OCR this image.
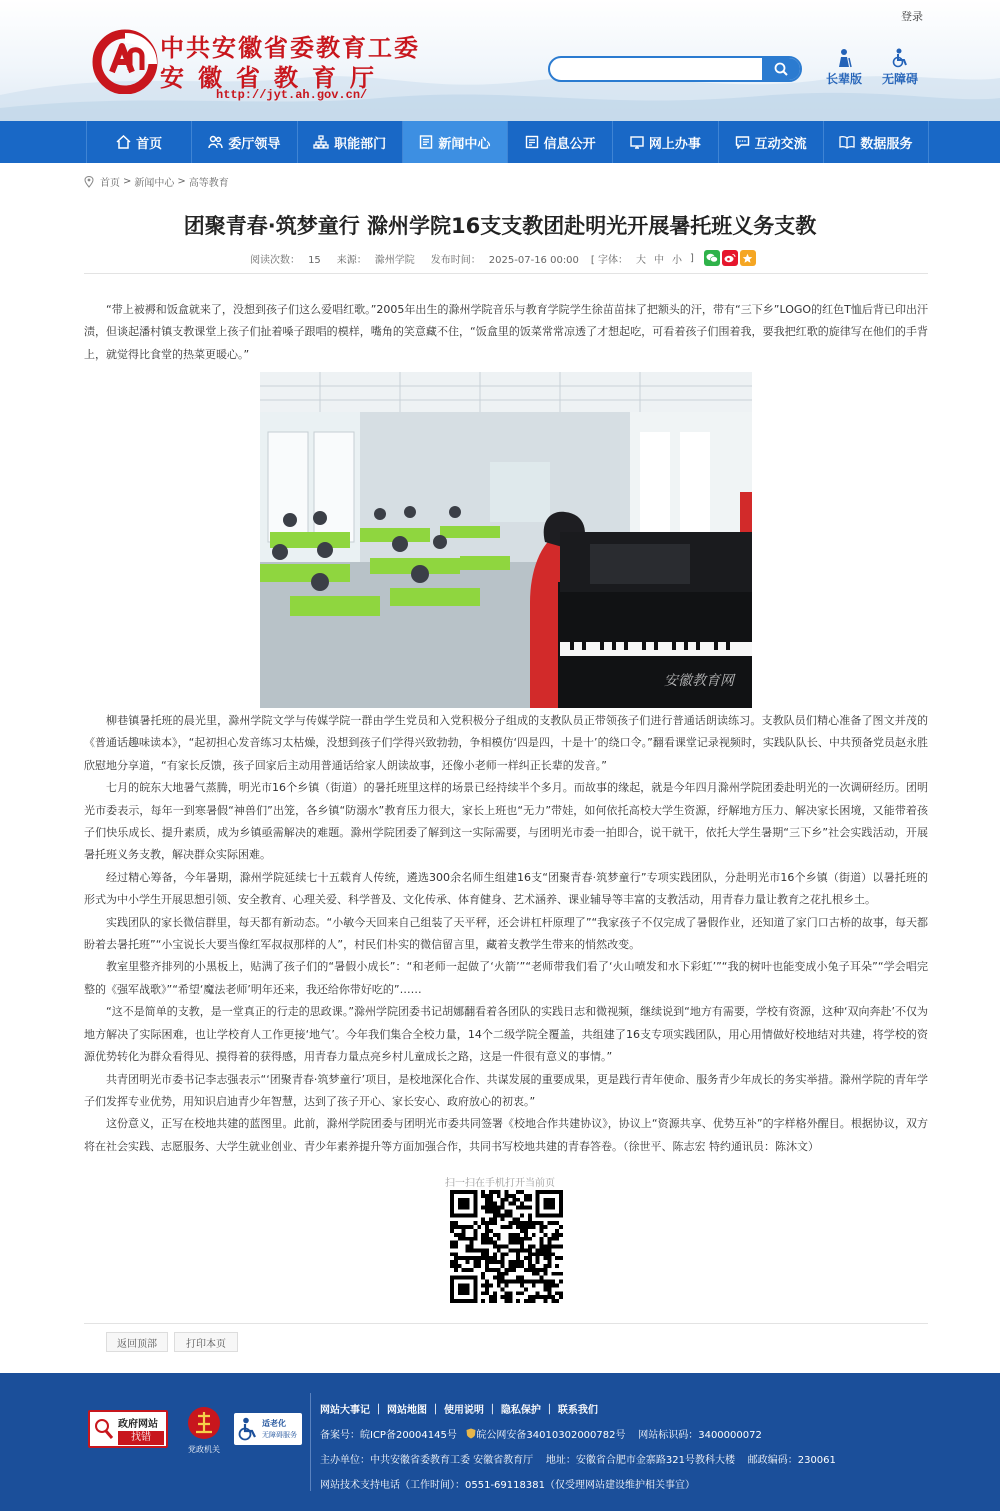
登录
中共安徽省委教育工委
安徽省教育厅
http://jyt.ah.gov.cn/
长辈版 无障碍
首页	委厅领导	职能部门	新闻中心	信息公开	网上办事	互动交流	数据服务
首页 > 新闻中心 > 高等教育
团聚青春·筑梦童行 滁州学院16支支教团赴明光开展暑托班义务支教
阅读次数： 15	来源： 滁州学院	发布时间： 2025-07-16 00:00	[ 字体： 大 中 小 ]

“带上被褥和饭盒就来了，没想到孩子们这么爱唱红歌。”2005年出生的滁州学院音乐与教育学院学生徐苗苗抹了把额头的汗，带有“三下乡”LOGO的红色T恤后背已印出汗渍，但谈起潘村镇支教课堂上孩子们扯着嗓子跟唱的模样，嘴角的笑意藏不住，“饭盒里的饭菜常常凉透了才想起吃，可看着孩子们围着我，要我把红歌的旋律写在他们的手背上，就觉得比食堂的热菜更暖心。”

安徽教育网

柳巷镇暑托班的晨光里，滁州学院文学与传媒学院一群由学生党员和入党积极分子组成的支教队员正带领孩子们进行普通话朗读练习。支教队员们精心准备了图文并茂的《普通话趣味读本》，“起初担心发音练习太枯燥，没想到孩子们学得兴致勃勃，争相模仿‘四是四，十是十’的绕口令。”翻看课堂记录视频时，实践队队长、中共预备党员赵永胜欣慰地分享道，“有家长反馈，孩子回家后主动用普通话给家人朗读故事，还像小老师一样纠正长辈的发音。”

七月的皖东大地暑气蒸腾，明光市16个乡镇（街道）的暑托班里这样的场景已经持续半个多月。而故事的缘起，就是今年四月滁州学院团委赴明光的一次调研经历。团明光市委表示，每年一到寒暑假“神兽们”出笼，各乡镇“防溺水”教育压力很大，家长上班也“无力”带娃，如何依托高校大学生资源，纾解地方压力、解决家长困境，又能带着孩子们快乐成长、提升素质，成为乡镇亟需解决的难题。滁州学院团委了解到这一实际需要，与团明光市委一拍即合，说干就干，依托大学生暑期“三下乡”社会实践活动，开展暑托班义务支教，解决群众实际困难。

经过精心筹备，今年暑期，滁州学院延续七十五载育人传统，遴选300余名师生组建16支“团聚青春·筑梦童行”专项实践团队，分赴明光市16个乡镇（街道）以暑托班的形式为中小学生开展思想引领、安全教育、心理关爱、科学普及、文化传承、体育健身、艺术涵养、课业辅导等丰富的支教活动，用青春力量让教育之花扎根乡土。

实践团队的家长微信群里，每天都有新动态。“小敏今天回来自己组装了天平秤，还会讲杠杆原理了”“我家孩子不仅完成了暑假作业，还知道了家门口古桥的故事，每天都盼着去暑托班”“小宝说长大要当像红军叔叔那样的人”，村民们朴实的微信留言里，藏着支教学生带来的悄然改变。

教室里整齐排列的小黑板上，贴满了孩子们的“暑假小成长”：“和老师一起做了‘火箭’”“老师带我们看了‘火山喷发和水下彩虹’”“我的树叶也能变成小兔子耳朵”“学会唱完整的《强军战歌》”“希望‘魔法老师’明年还来，我还给你带好吃的”……

“这不是简单的支教，是一堂真正的行走的思政课。”滁州学院团委书记胡娜翻看着各团队的实践日志和微视频，继续说到“地方有需要，学校有资源，这种‘双向奔赴’不仅为地方解决了实际困难，也让学校育人工作更接‘地气’。今年我们集合全校力量，14个二级学院全覆盖，共组建了16支专项实践团队，用心用情做好校地结对共建，将学校的资源优势转化为群众看得见、摸得着的获得感，用青春力量点亮乡村儿童成长之路，这是一件很有意义的事情。”

共青团明光市委书记李志强表示“‘团聚青春·筑梦童行’项目，是校地深化合作、共谋发展的重要成果，更是践行青年使命、服务青少年成长的务实举措。滁州学院的青年学子们发挥专业优势，用知识启迪青少年智慧，达到了孩子开心、家长安心、政府放心的初衷。”

这份意义，正写在校地共建的蓝图里。此前，滁州学院团委与团明光市委共同签署《校地合作共建协议》，协议上“资源共享、优势互补”的字样格外醒目。根据协议，双方将在社会实践、志愿服务、大学生就业创业、青少年素养提升等方面加强合作，共同书写校地共建的青春答卷。（徐世平、陈志宏 特约通讯员：陈沐文）

扫一扫在手机打开当前页
返回顶部	打印本页
政府网站
找错
党政机关
适老化
无障碍服务
网站大事记 ｜ 网站地图 ｜ 使用说明 ｜ 隐私保护 ｜ 联系我们
备案号：皖ICP备20004145号 皖公网安备34010302000782号 网站标识码：3400000072
主办单位：中共安徽省委教育工委 安徽省教育厅 地址：安徽省合肥市金寨路321号教科大楼 邮政编码：230061
网站技术支持电话（工作时间）：0551-69118381（仅受理网站建设维护相关事宜）
